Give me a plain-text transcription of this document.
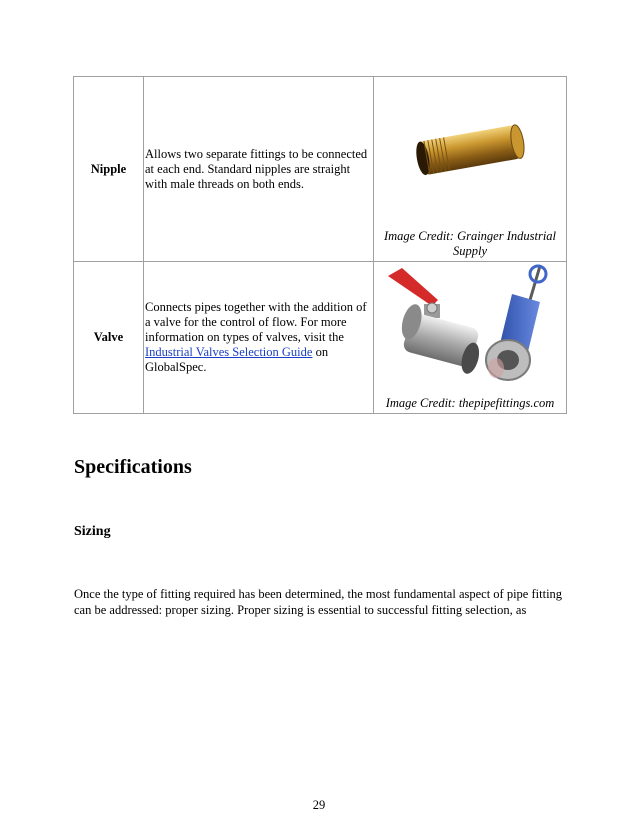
Nipple	Allows two separate fittings to be connected at each end. Standard nipples are straight with male threads on both ends.	Image Credit: Grainger Industrial Supply

Valve	Connects pipes together with the addition of a valve for the control of flow. For more information on types of valves, visit the Industrial Valves Selection Guide on GlobalSpec.	Image Credit: thepipefittings.com
Specifications
Sizing

Once the type of fitting required has been determined, the most fundamental aspect of pipe fitting can be addressed: proper sizing. Proper sizing is essential to successful fitting selection, as

29
